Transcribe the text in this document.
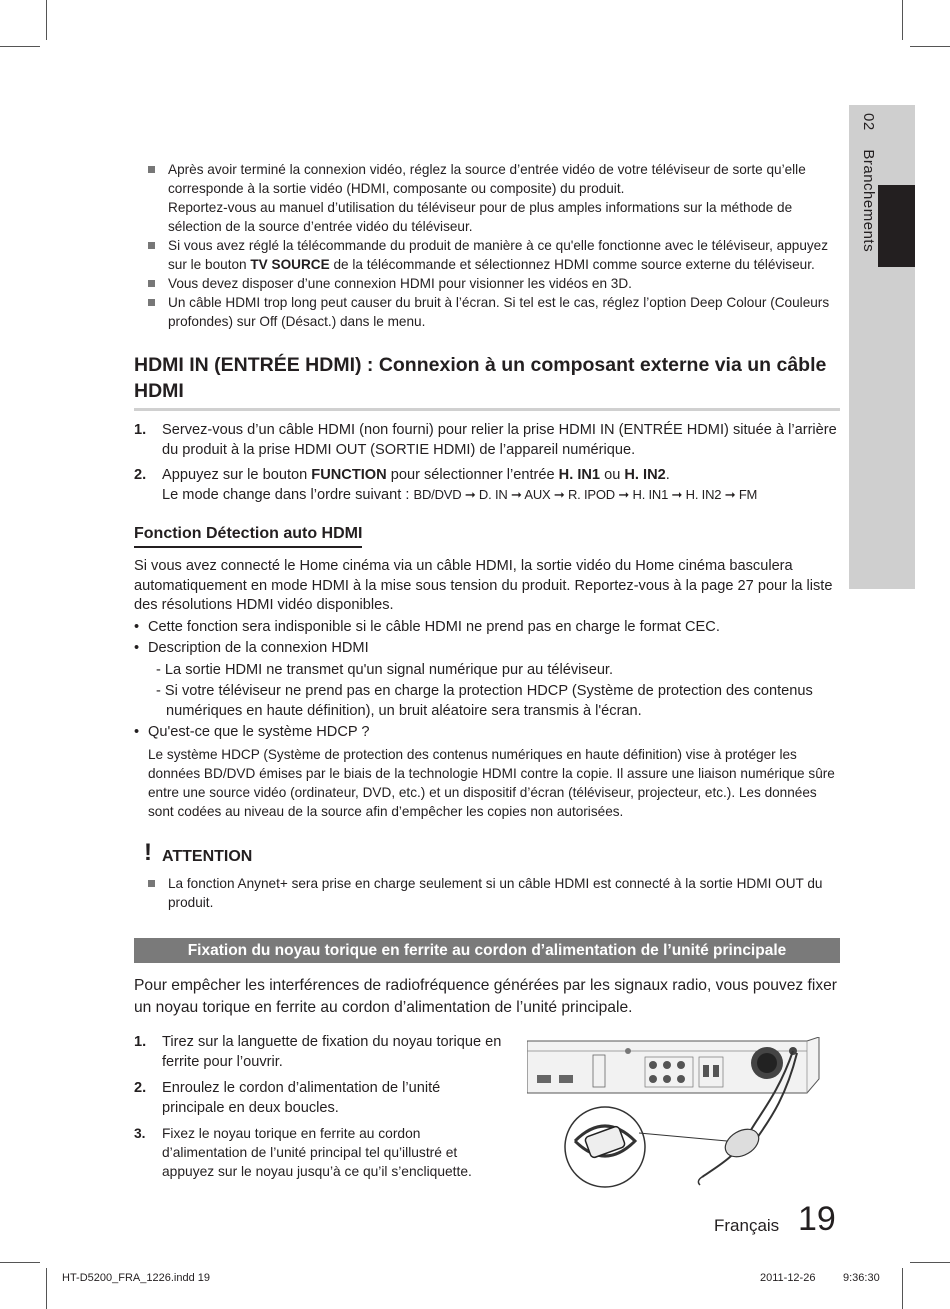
02 Branchements
Après avoir terminé la connexion vidéo, réglez la source d’entrée vidéo de votre téléviseur de sorte qu’elle corresponde à la sortie vidéo (HDMI, composante ou composite) du produit.
Reportez-vous au manuel d’utilisation du téléviseur pour de plus amples informations sur la méthode de sélection de la source d’entrée vidéo du téléviseur.
Si vous avez réglé la télécommande du produit de manière à ce qu'elle fonctionne avec le téléviseur, appuyez sur le bouton TV SOURCE de la télécommande et sélectionnez HDMI comme source externe du téléviseur.
Vous devez disposer d’une connexion HDMI pour visionner les vidéos en 3D.
Un câble HDMI trop long peut causer du bruit à l’écran. Si tel est le cas, réglez l’option Deep Colour (Couleurs profondes) sur Off (Désact.) dans le menu.
HDMI IN (ENTRÉE HDMI) : Connexion à un composant externe via un câble HDMI
1. Servez-vous d’un câble HDMI (non fourni) pour relier la prise HDMI IN (ENTRÉE HDMI) située à l’arrière du produit à la prise HDMI OUT (SORTIE HDMI) de l’appareil numérique.
2. Appuyez sur le bouton FUNCTION pour sélectionner l’entrée H. IN1 ou H. IN2.
Le mode change dans l’ordre suivant : BD/DVD ➞ D. IN ➞ AUX ➞ R. IPOD ➞ H. IN1 ➞ H. IN2 ➞ FM
Fonction Détection auto HDMI

Si vous avez connecté le Home cinéma via un câble HDMI, la sortie vidéo du Home cinéma basculera automatiquement en mode HDMI à la mise sous tension du produit. Reportez-vous à la page 27 pour la liste des résolutions HDMI vidéo disponibles.

• Cette fonction sera indisponible si le câble HDMI ne prend pas en charge le format CEC.

• Description de la connexion HDMI

- La sortie HDMI ne transmet qu'un signal numérique pur au téléviseur.

- Si votre téléviseur ne prend pas en charge la protection HDCP (Système de protection des contenus numériques en haute définition), un bruit aléatoire sera transmis à l'écran.

• Qu'est-ce que le système HDCP ?

Le système HDCP (Système de protection des contenus numériques en haute définition) vise à protéger les données BD/DVD émises par le biais de la technologie HDMI contre la copie. Il assure une liaison numérique sûre entre une source vidéo (ordinateur, DVD, etc.) et un dispositif d’écran (téléviseur, projecteur, etc.). Les données sont codées au niveau de la source afin d’empêcher les copies non autorisées.

! ATTENTION
La fonction Anynet+ sera prise en charge seulement si un câble HDMI est connecté à la sortie HDMI OUT du produit.
Fixation du noyau torique en ferrite au cordon d’alimentation de l’unité principale
Pour empêcher les interférences de radiofréquence générées par les signaux radio, vous pouvez fixer un noyau torique en ferrite au cordon d’alimentation de l’unité principale.
1. Tirez sur la languette de fixation du noyau torique en ferrite pour l’ouvrir.
2. Enroulez le cordon d’alimentation de l’unité principale en deux boucles.
3. Fixez le noyau torique en ferrite au cordon d’alimentation de l’unité principal tel qu’illustré et appuyez sur le noyau jusqu’à ce qu’il s’encliquette.
Français 19
HT-D5200_FRA_1226.indd 19	2011-12-26	9:36:30
